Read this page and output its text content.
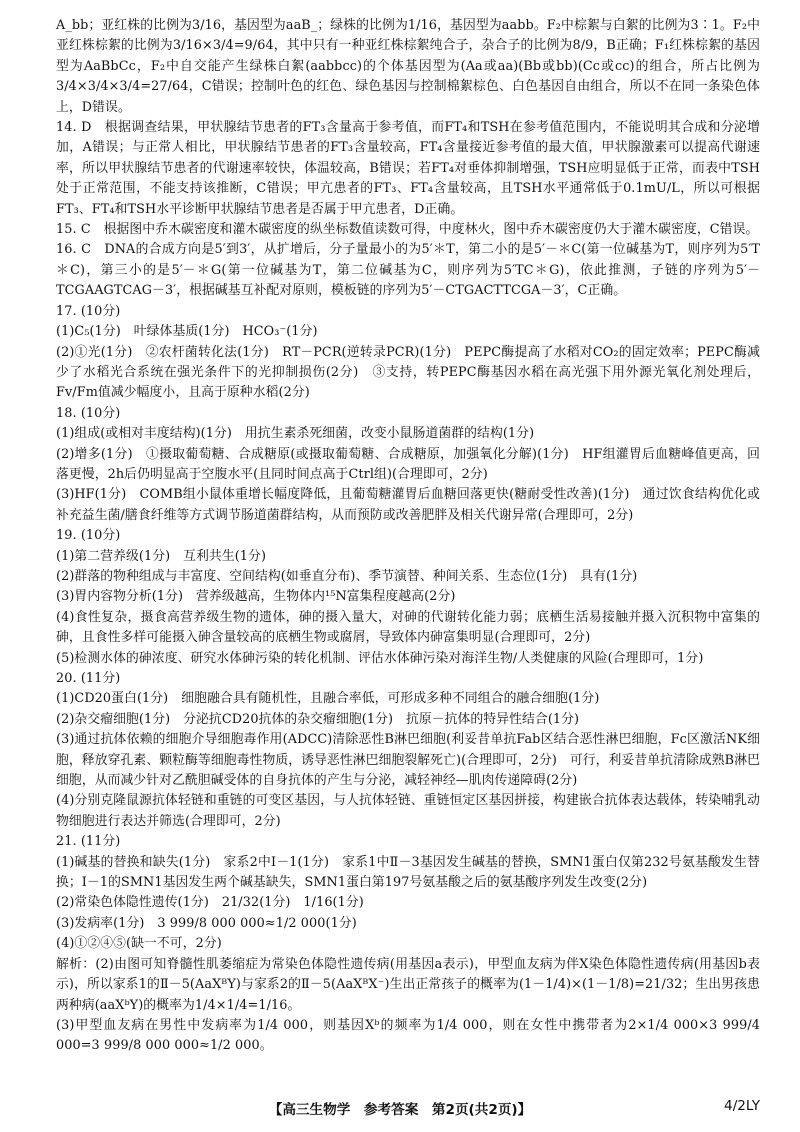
A_bb；亚红株的比例为3/16，基因型为aaB_；绿株的比例为1/16，基因型为aabb。F₂中棕絮与白絮的比例为3∶1。F₂中亚红株棕絮的比例为3/16×3/4=9/64，其中只有一种亚红株棕絮纯合子，杂合子的比例为8/9，B正确；F₁红株棕絮的基因型为AaBbCc，F₂中自交能产生绿株白絮(aabbcc)的个体基因型为(Aa或aa)(Bb或bb)(Cc或cc)的组合，所占比例为3/4×3/4×3/4=27/64，C错误；控制叶色的红色、绿色基因与控制棉絮棕色、白色基因自由组合，所以不在同一条染色体上，D错误。

14. D　根据调查结果，甲状腺结节患者的FT₃含量高于参考值，而FT₄和TSH在参考值范围内，不能说明其合成和分泌增加，A错误；与正常人相比，甲状腺结节患者的FT₃含量较高，FT₄含量接近参考值的最大值，甲状腺激素可以提高代谢速率，所以甲状腺结节患者的代谢速率较快，体温较高，B错误；若FT₄对垂体抑制增强，TSH应明显低于正常，而表中TSH处于正常范围，不能支持该推断，C错误；甲亢患者的FT₃、FT₄含量较高，且TSH水平通常低于0.1mU/L，所以可根据FT₃、FT₄和TSH水平诊断甲状腺结节患者是否属于甲亢患者，D正确。

15. C　根据图中乔木碳密度和灌木碳密度的纵坐标数值读数可得，中度林火，图中乔木碳密度仍大于灌木碳密度，C错误。

16. C　DNA的合成方向是5′到3′，从扩增后，分子量最小的为5′＊T，第二小的是5′－＊C(第一位碱基为T，则序列为5′T＊C)，第三小的是5′－＊G(第一位碱基为T，第二位碱基为C，则序列为5′TC＊G)，依此推测，子链的序列为5′－TCGAAGTCAG－3′，根据碱基互补配对原则，模板链的序列为5′－CTGACTTCGA－3′，C正确。

17. (10分)

(1)C₅(1分)　叶绿体基质(1分)　HCO₃⁻(1分)

(2)①光(1分)　②农杆菌转化法(1分)　RT－PCR(逆转录PCR)(1分)　PEPC酶提高了水稻对CO₂的固定效率；PEPC酶减少了水稻光合系统在强光条件下的光抑制损伤(2分)　③支持，转PEPC酶基因水稻在高光强下用外源光氧化剂处理后，Fv/Fm值减少幅度小，且高于原种水稻(2分)

18. (10分)

(1)组成(或相对丰度结构)(1分)　用抗生素杀死细菌，改变小鼠肠道菌群的结构(1分)

(2)增多(1分)　①摄取葡萄糖、合成糖原(或摄取葡萄糖、合成糖原，加强氧化分解)(1分)　HF组灌胃后血糖峰值更高，回落更慢，2h后仍明显高于空腹水平(且同时间点高于Ctrl组)(合理即可，2分)

(3)HF(1分)　COMB组小鼠体重增长幅度降低，且葡萄糖灌胃后血糖回落更快(糖耐受性改善)(1分)　通过饮食结构优化或补充益生菌/膳食纤维等方式调节肠道菌群结构，从而预防或改善肥胖及相关代谢异常(合理即可，2分)

19. (10分)

(1)第二营养级(1分)　互利共生(1分)

(2)群落的物种组成与丰富度、空间结构(如垂直分布)、季节演替、种间关系、生态位(1分)　具有(1分)

(3)胃内容物分析(1分)　营养级越高，生物体内¹⁵N富集程度越高(2分)

(4)食性复杂，摄食高营养级生物的遗体，砷的摄入量大，对砷的代谢转化能力弱；底栖生活易接触并摄入沉积物中富集的砷，且食性多样可能摄入砷含量较高的底栖生物或腐屑，导致体内砷富集明显(合理即可，2分)

(5)检测水体的砷浓度、研究水体砷污染的转化机制、评估水体砷污染对海洋生物/人类健康的风险(合理即可，1分)

20. (11分)

(1)CD20蛋白(1分)　细胞融合具有随机性，且融合率低，可形成多种不同组合的融合细胞(1分)

(2)杂交瘤细胞(1分)　分泌抗CD20抗体的杂交瘤细胞(1分)　抗原－抗体的特异性结合(1分)

(3)通过抗体依赖的细胞介导细胞毒作用(ADCC)清除恶性B淋巴细胞(利妥昔单抗Fab区结合恶性淋巴细胞，Fc区激活NK细胞，释放穿孔素、颗粒酶等细胞毒性物质，诱导恶性淋巴细胞裂解死亡)(合理即可，2分)　可行，利妥昔单抗清除成熟B淋巴细胞，从而减少针对乙酰胆碱受体的自身抗体的产生与分泌，减轻神经—肌肉传递障碍(2分)

(4)分别克隆鼠源抗体轻链和重链的可变区基因，与人抗体轻链、重链恒定区基因拼接，构建嵌合抗体表达载体，转染哺乳动物细胞进行表达并筛选(合理即可，2分)

21. (11分)

(1)碱基的替换和缺失(1分)　家系2中Ⅰ－1(1分)　家系1中Ⅱ－3基因发生碱基的替换，SMN1蛋白仅第232号氨基酸发生替换；Ⅰ－1的SMN1基因发生两个碱基缺失，SMN1蛋白第197号氨基酸之后的氨基酸序列发生改变(2分)

(2)常染色体隐性遗传(1分)　21/32(1分)　1/16(1分)

(3)发病率(1分)　3 999/8 000 000≈1/2 000(1分)

(4)①②④⑤(缺一不可，2分)

解析：(2)由图可知脊髓性肌萎缩症为常染色体隐性遗传病(用基因a表示)，甲型血友病为伴X染色体隐性遗传病(用基因b表示)，所以家系1的Ⅱ－5(AaXᴮY)与家系2的Ⅱ－5(AaXᴮX⁻)生出正常孩子的概率为(1－1/4)×(1－1/8)=21/32；生出男孩患两种病(aaXᵇY)的概率为1/4×1/4=1/16。

(3)甲型血友病在男性中发病率为1/4 000，则基因Xᵇ的频率为1/4 000，则在女性中携带者为2×1/4 000×3 999/4 000=3 999/8 000 000≈1/2 000。

【高三生物学　参考答案　第2页(共2页)】	4/2LY
